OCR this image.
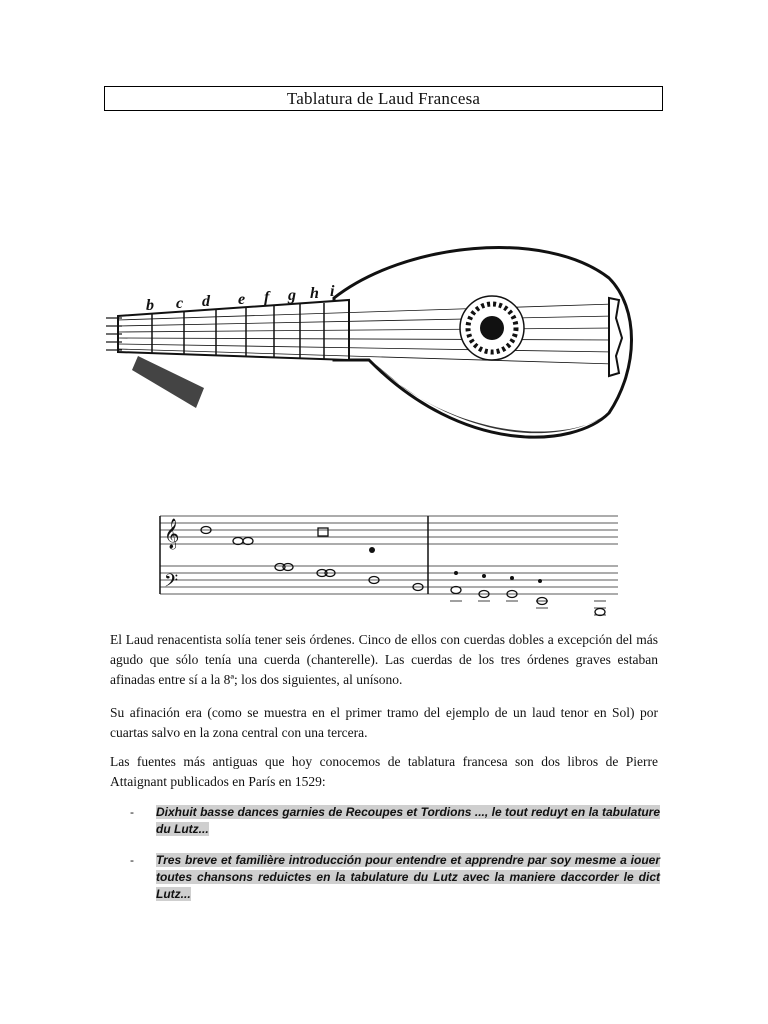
Tablatura de Laud Francesa
b c d e f g h i
𝄞
𝄢

El Laud renacentista solía tener seis órdenes. Cinco de ellos con cuerdas dobles a excepción del más agudo que sólo tenía una cuerda (chanterelle). Las cuerdas de los tres órdenes graves estaban afinadas entre sí a la 8ª; los dos siguientes, al unísono.

Su afinación era (como se muestra en el primer tramo del ejemplo de un laud tenor en Sol) por cuartas salvo en la zona central con una tercera.

Las fuentes más antiguas que hoy conocemos de tablatura francesa son dos libros de Pierre Attaignant publicados en París en 1529:

-	Dixhuit basse dances garnies de Recoupes et Tordions ..., le tout reduyt en la tabulature du Lutz...
-	Tres breve et familière introducción pour entendre et apprendre par soy mesme a iouer toutes chansons reduictes en la tabulature du Lutz avec la maniere daccorder le dict Lutz...
